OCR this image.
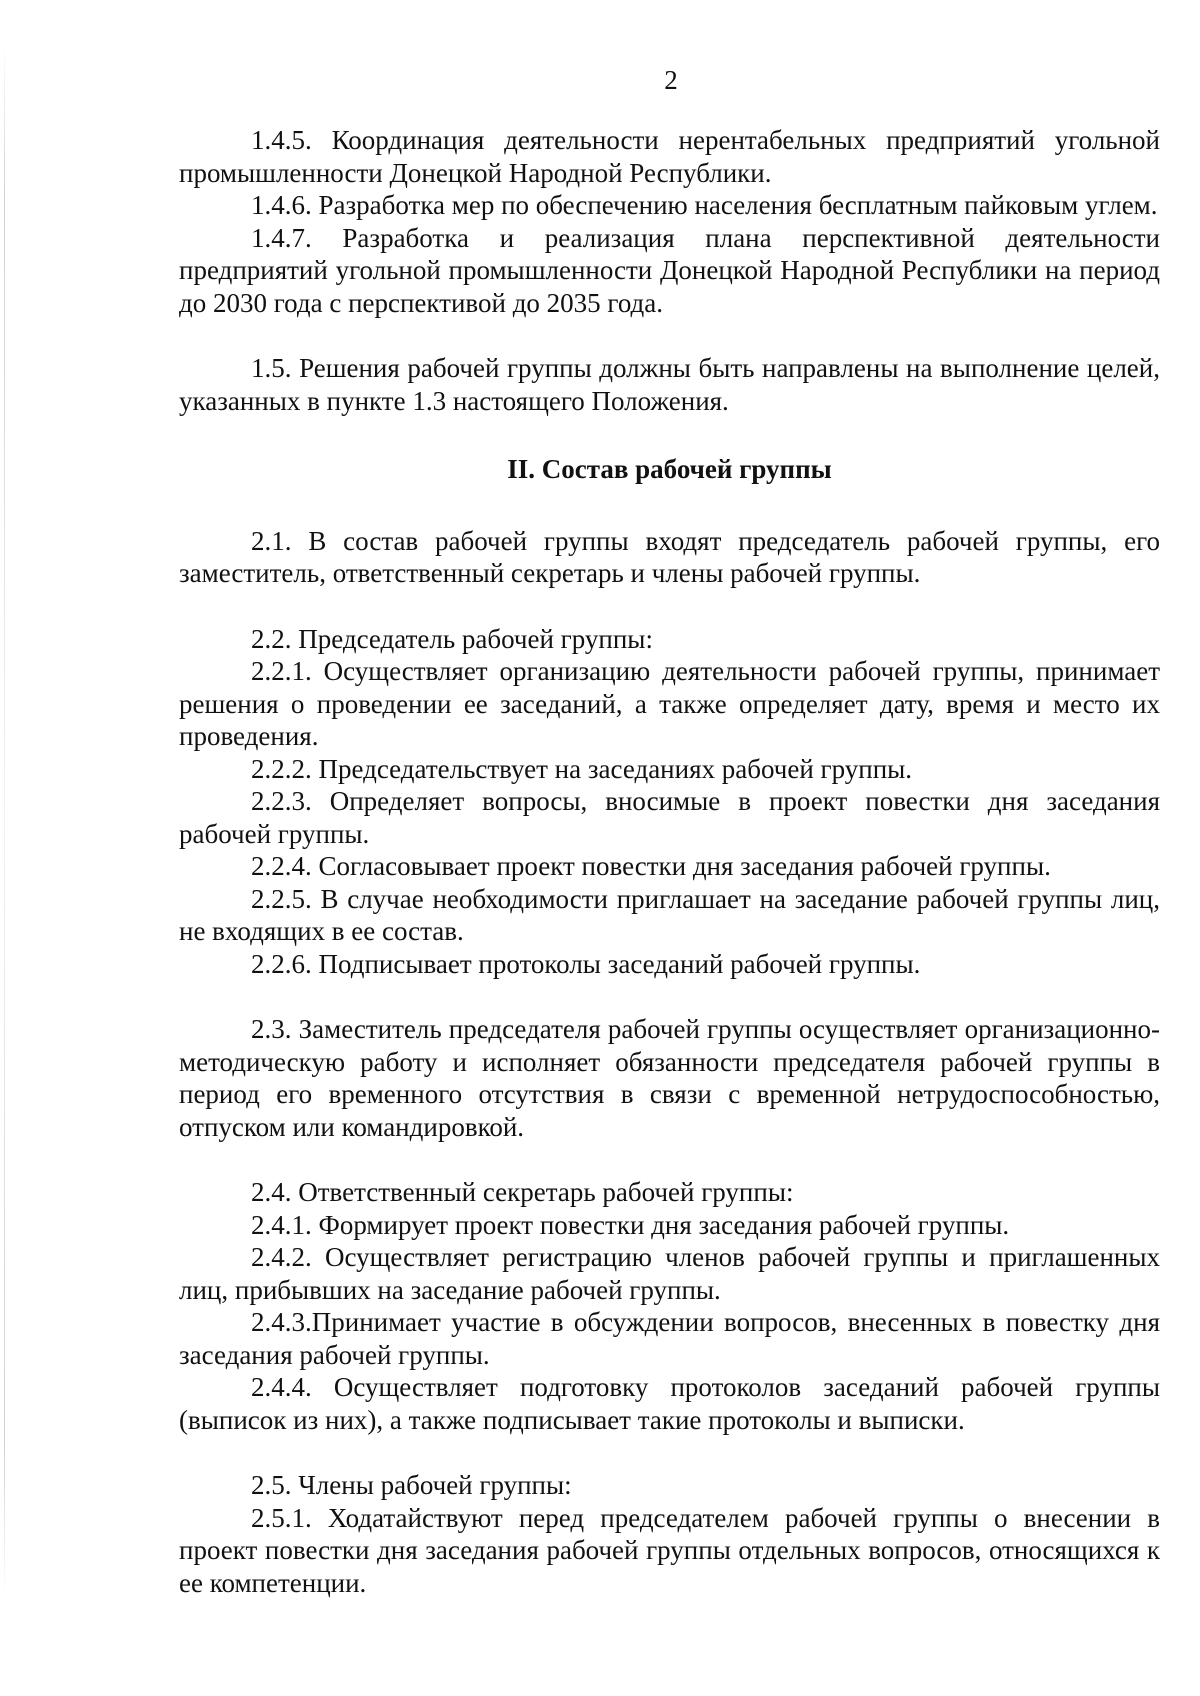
2

1.4.5. Координация деятельности нерентабельных предприятий угольной промышленности Донецкой Народной Республики.

1.4.6. Разработка мер по обеспечению населения бесплатным пайковым углем.

1.4.7. Разработка и реализация плана перспективной деятельности предприятий угольной промышленности Донецкой Народной Республики на период до 2030 года с перспективой до 2035 года.

1.5. Решения рабочей группы должны быть направлены на выполнение целей, указанных в пункте 1.3 настоящего Положения.

II. Состав рабочей группы

2.1. В состав рабочей группы входят председатель рабочей группы, его заместитель, ответственный секретарь и члены рабочей группы.

2.2. Председатель рабочей группы:

2.2.1. Осуществляет организацию деятельности рабочей группы, принимает решения о проведении ее заседаний, а также определяет дату, время и место их проведения.

2.2.2. Председательствует на заседаниях рабочей группы.

2.2.3. Определяет вопросы, вносимые в проект повестки дня заседания рабочей группы.

2.2.4. Согласовывает проект повестки дня заседания рабочей группы.

2.2.5. В случае необходимости приглашает на заседание рабочей группы лиц, не входящих в ее состав.

2.2.6. Подписывает протоколы заседаний рабочей группы.

2.3. Заместитель председателя рабочей группы осуществляет организационно-методическую работу и исполняет обязанности председателя рабочей группы в период его временного отсутствия в связи с временной нетрудоспособностью, отпуском или командировкой.

2.4. Ответственный секретарь рабочей группы:

2.4.1. Формирует проект повестки дня заседания рабочей группы.

2.4.2. Осуществляет регистрацию членов рабочей группы и приглашенных лиц, прибывших на заседание рабочей группы.

2.4.3.Принимает участие в обсуждении вопросов, внесенных в повестку дня заседания рабочей группы.

2.4.4. Осуществляет подготовку протоколов заседаний рабочей группы (выписок из них), а также подписывает такие протоколы и выписки.

2.5. Члены рабочей группы:

2.5.1. Ходатайствуют перед председателем рабочей группы о внесении в проект повестки дня заседания рабочей группы отдельных вопросов, относящихся к ее компетенции.
